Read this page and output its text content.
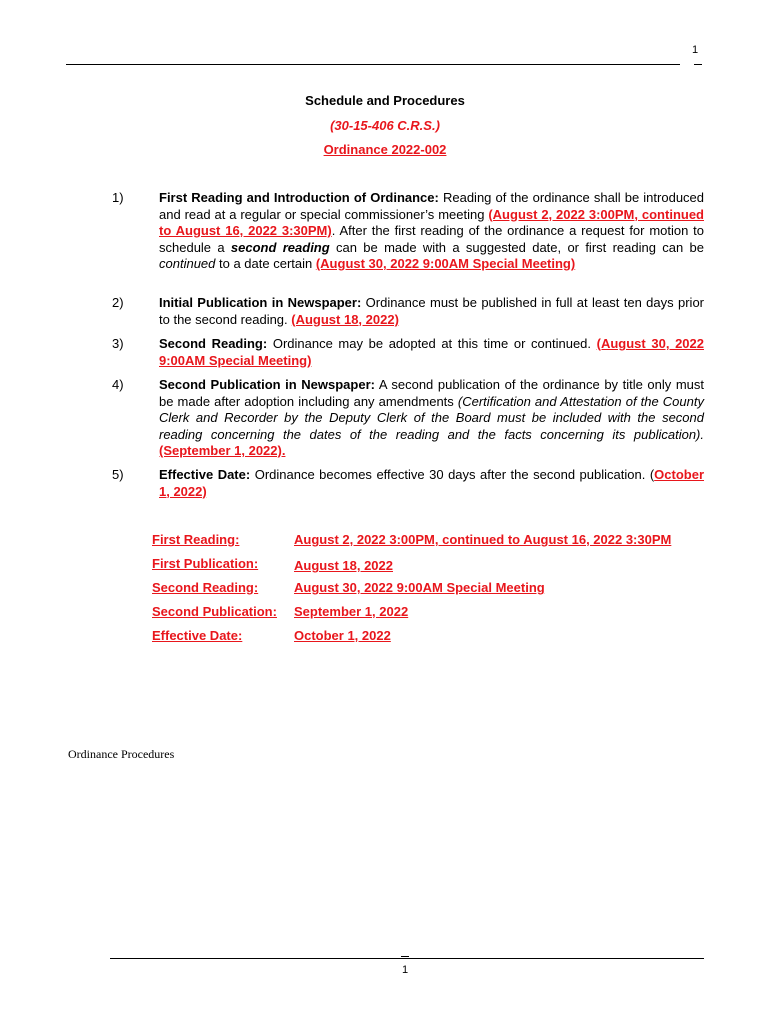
1
Schedule and Procedures
(30-15-406 C.R.S.)
Ordinance 2022-002
1)	First Reading and Introduction of Ordinance: Reading of the ordinance shall be introduced and read at a regular or special commissioner’s meeting (August 2, 2022 3:00PM, continued to August 16, 2022 3:30PM). After the first reading of the ordinance a request for motion to schedule a second reading can be made with a suggested date, or first reading can be continued to a date certain (August 30, 2022 9:00AM Special Meeting)
2)	Initial Publication in Newspaper: Ordinance must be published in full at least ten days prior to the second reading. (August 18, 2022)
3)	Second Reading: Ordinance may be adopted at this time or continued. (August 30, 2022 9:00AM Special Meeting)
4)	Second Publication in Newspaper: A second publication of the ordinance by title only must be made after adoption including any amendments (Certification and Attestation of the County Clerk and Recorder by the Deputy Clerk of the Board must be included with the second reading concerning the dates of the reading and the facts concerning its publication). (September 1, 2022).
5)	Effective Date: Ordinance becomes effective 30 days after the second publication. (October 1, 2022)
First Reading:	August 2, 2022 3:00PM, continued to August 16, 2022 3:30PM
First Publication:	August 18, 2022
Second Reading:	August 30, 2022 9:00AM Special Meeting
Second Publication: September 1, 2022
Effective Date:	October 1, 2022
Ordinance Procedures
1
